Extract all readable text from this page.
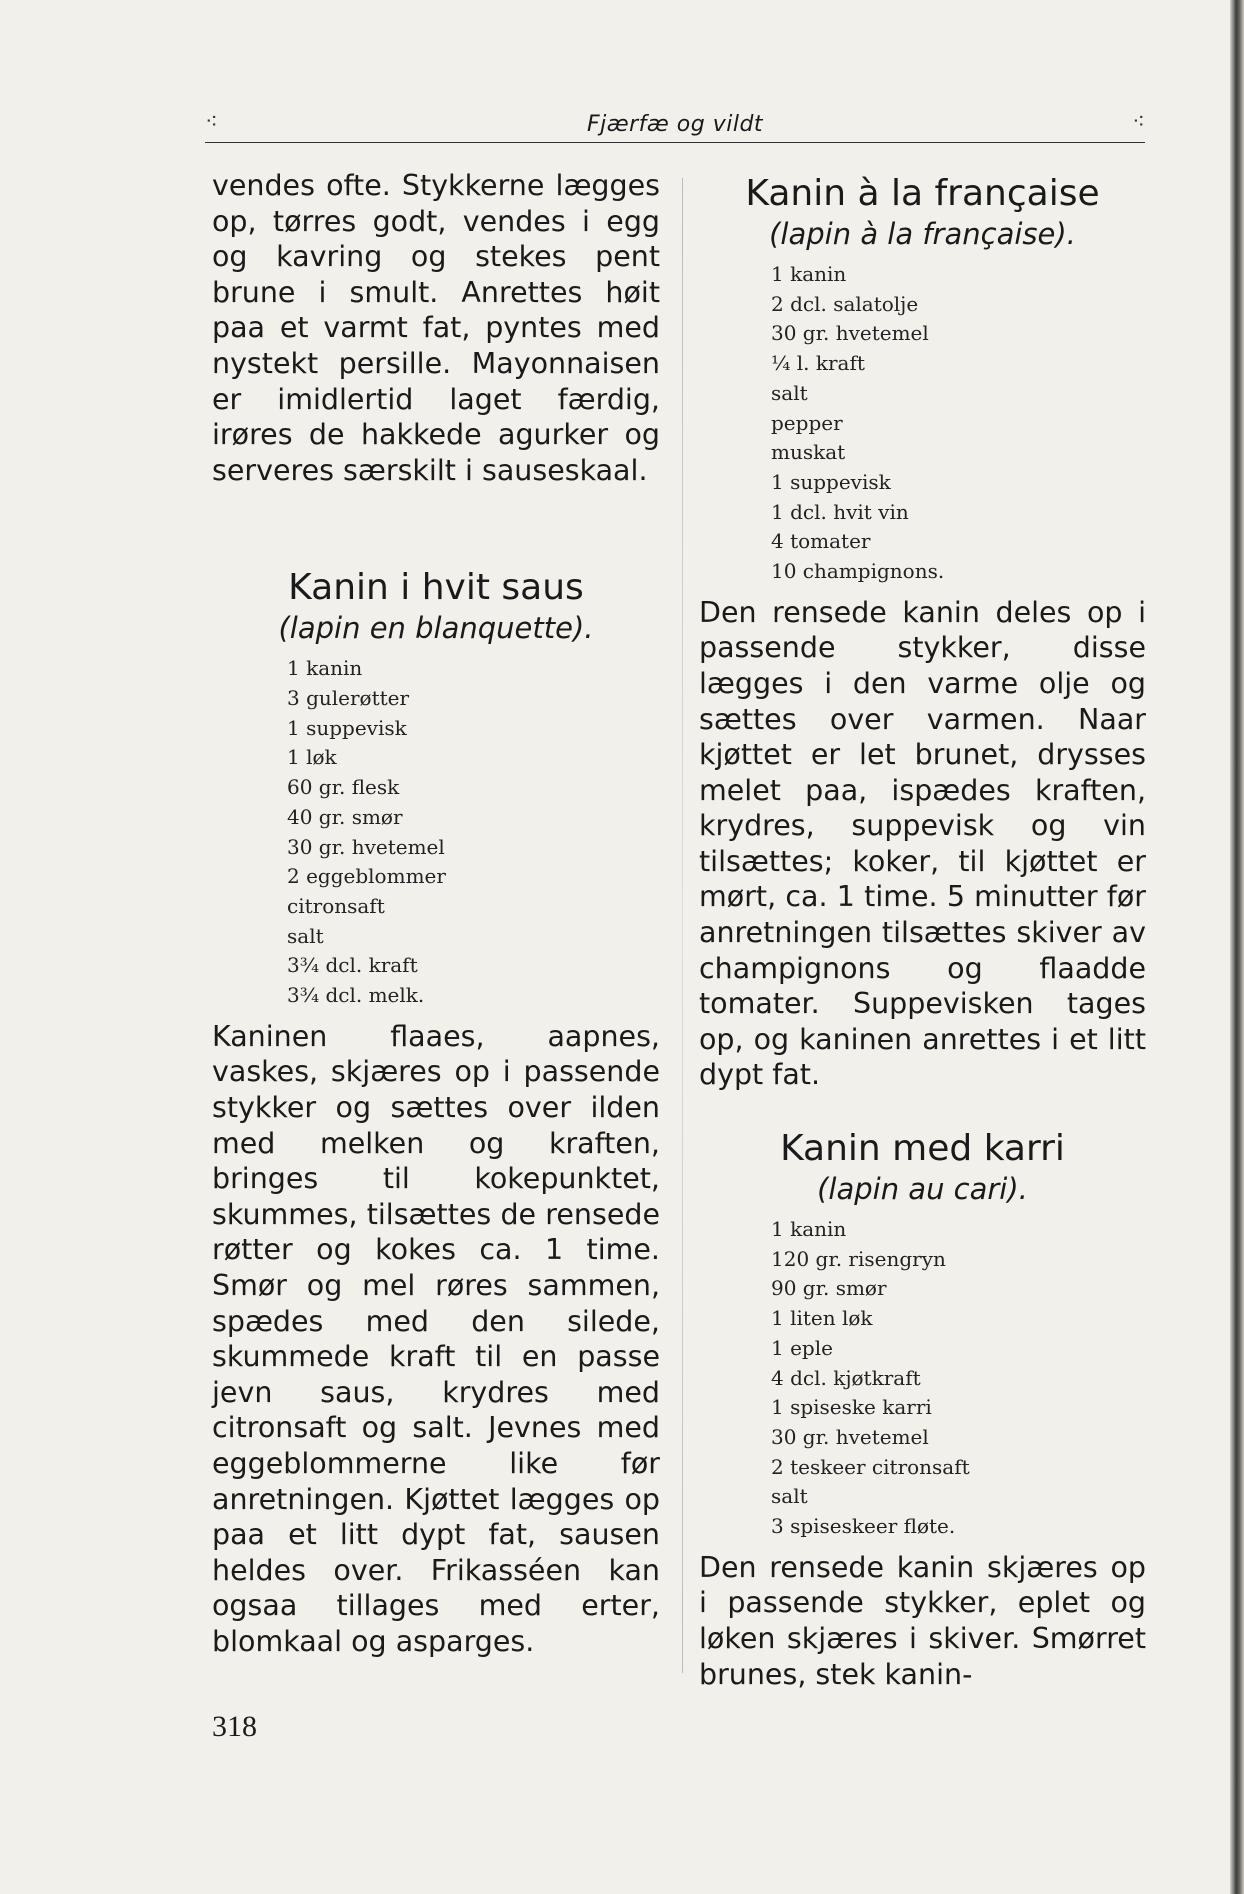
⁖	Fjærfæ og vildt	⁖

vendes ofte. Stykkerne lægges op, tørres godt, vendes i egg og kavring og stekes pent brune i smult. Anrettes høit paa et varmt fat, pyntes med nystekt persille. Mayonnaisen er imidlertid laget færdig, irøres de hakkede agurker og serveres særskilt i sauseskaal.

Kanin i hvit saus
(lapin en blanquette).
1 kanin
3 gulerøtter
1 suppevisk
1 løk
60 gr. flesk
40 gr. smør
30 gr. hvetemel
2 eggeblommer
citronsaft
salt
3¾ dcl. kraft
3¾ dcl. melk.

Kaninen flaaes, aapnes, vaskes, skjæres op i passende stykker og sættes over ilden med melken og kraften, bringes til kokepunktet, skummes, tilsættes de rensede røtter og kokes ca. 1 time. Smør og mel røres sammen, spædes med den silede, skummede kraft til en passe jevn saus, krydres med citronsaft og salt. Jevnes med eggeblommerne like før anretningen. Kjøttet lægges op paa et litt dypt fat, sausen heldes over. Frikasséen kan ogsaa tillages med erter, blomkaal og asparges.

Kanin à la française
(lapin à la française).
1 kanin
2 dcl. salatolje
30 gr. hvetemel
¼ l. kraft
salt
pepper
muskat
1 suppevisk
1 dcl. hvit vin
4 tomater
10 champignons.

Den rensede kanin deles op i passende stykker, disse lægges i den varme olje og sættes over varmen. Naar kjøttet er let brunet, drysses melet paa, ispædes kraften, krydres, suppevisk og vin tilsættes; koker, til kjøttet er mørt, ca. 1 time. 5 minutter før anretningen tilsættes skiver av champignons og flaadde tomater. Suppevisken tages op, og kaninen anrettes i et litt dypt fat.

Kanin med karri
(lapin au cari).
1 kanin
120 gr. risengryn
90 gr. smør
1 liten løk
1 eple
4 dcl. kjøtkraft
1 spiseske karri
30 gr. hvetemel
2 teskeer citronsaft
salt
3 spiseskeer fløte.

Den rensede kanin skjæres op i passende stykker, eplet og løken skjæres i skiver. Smørret brunes, stek kanin-

318
